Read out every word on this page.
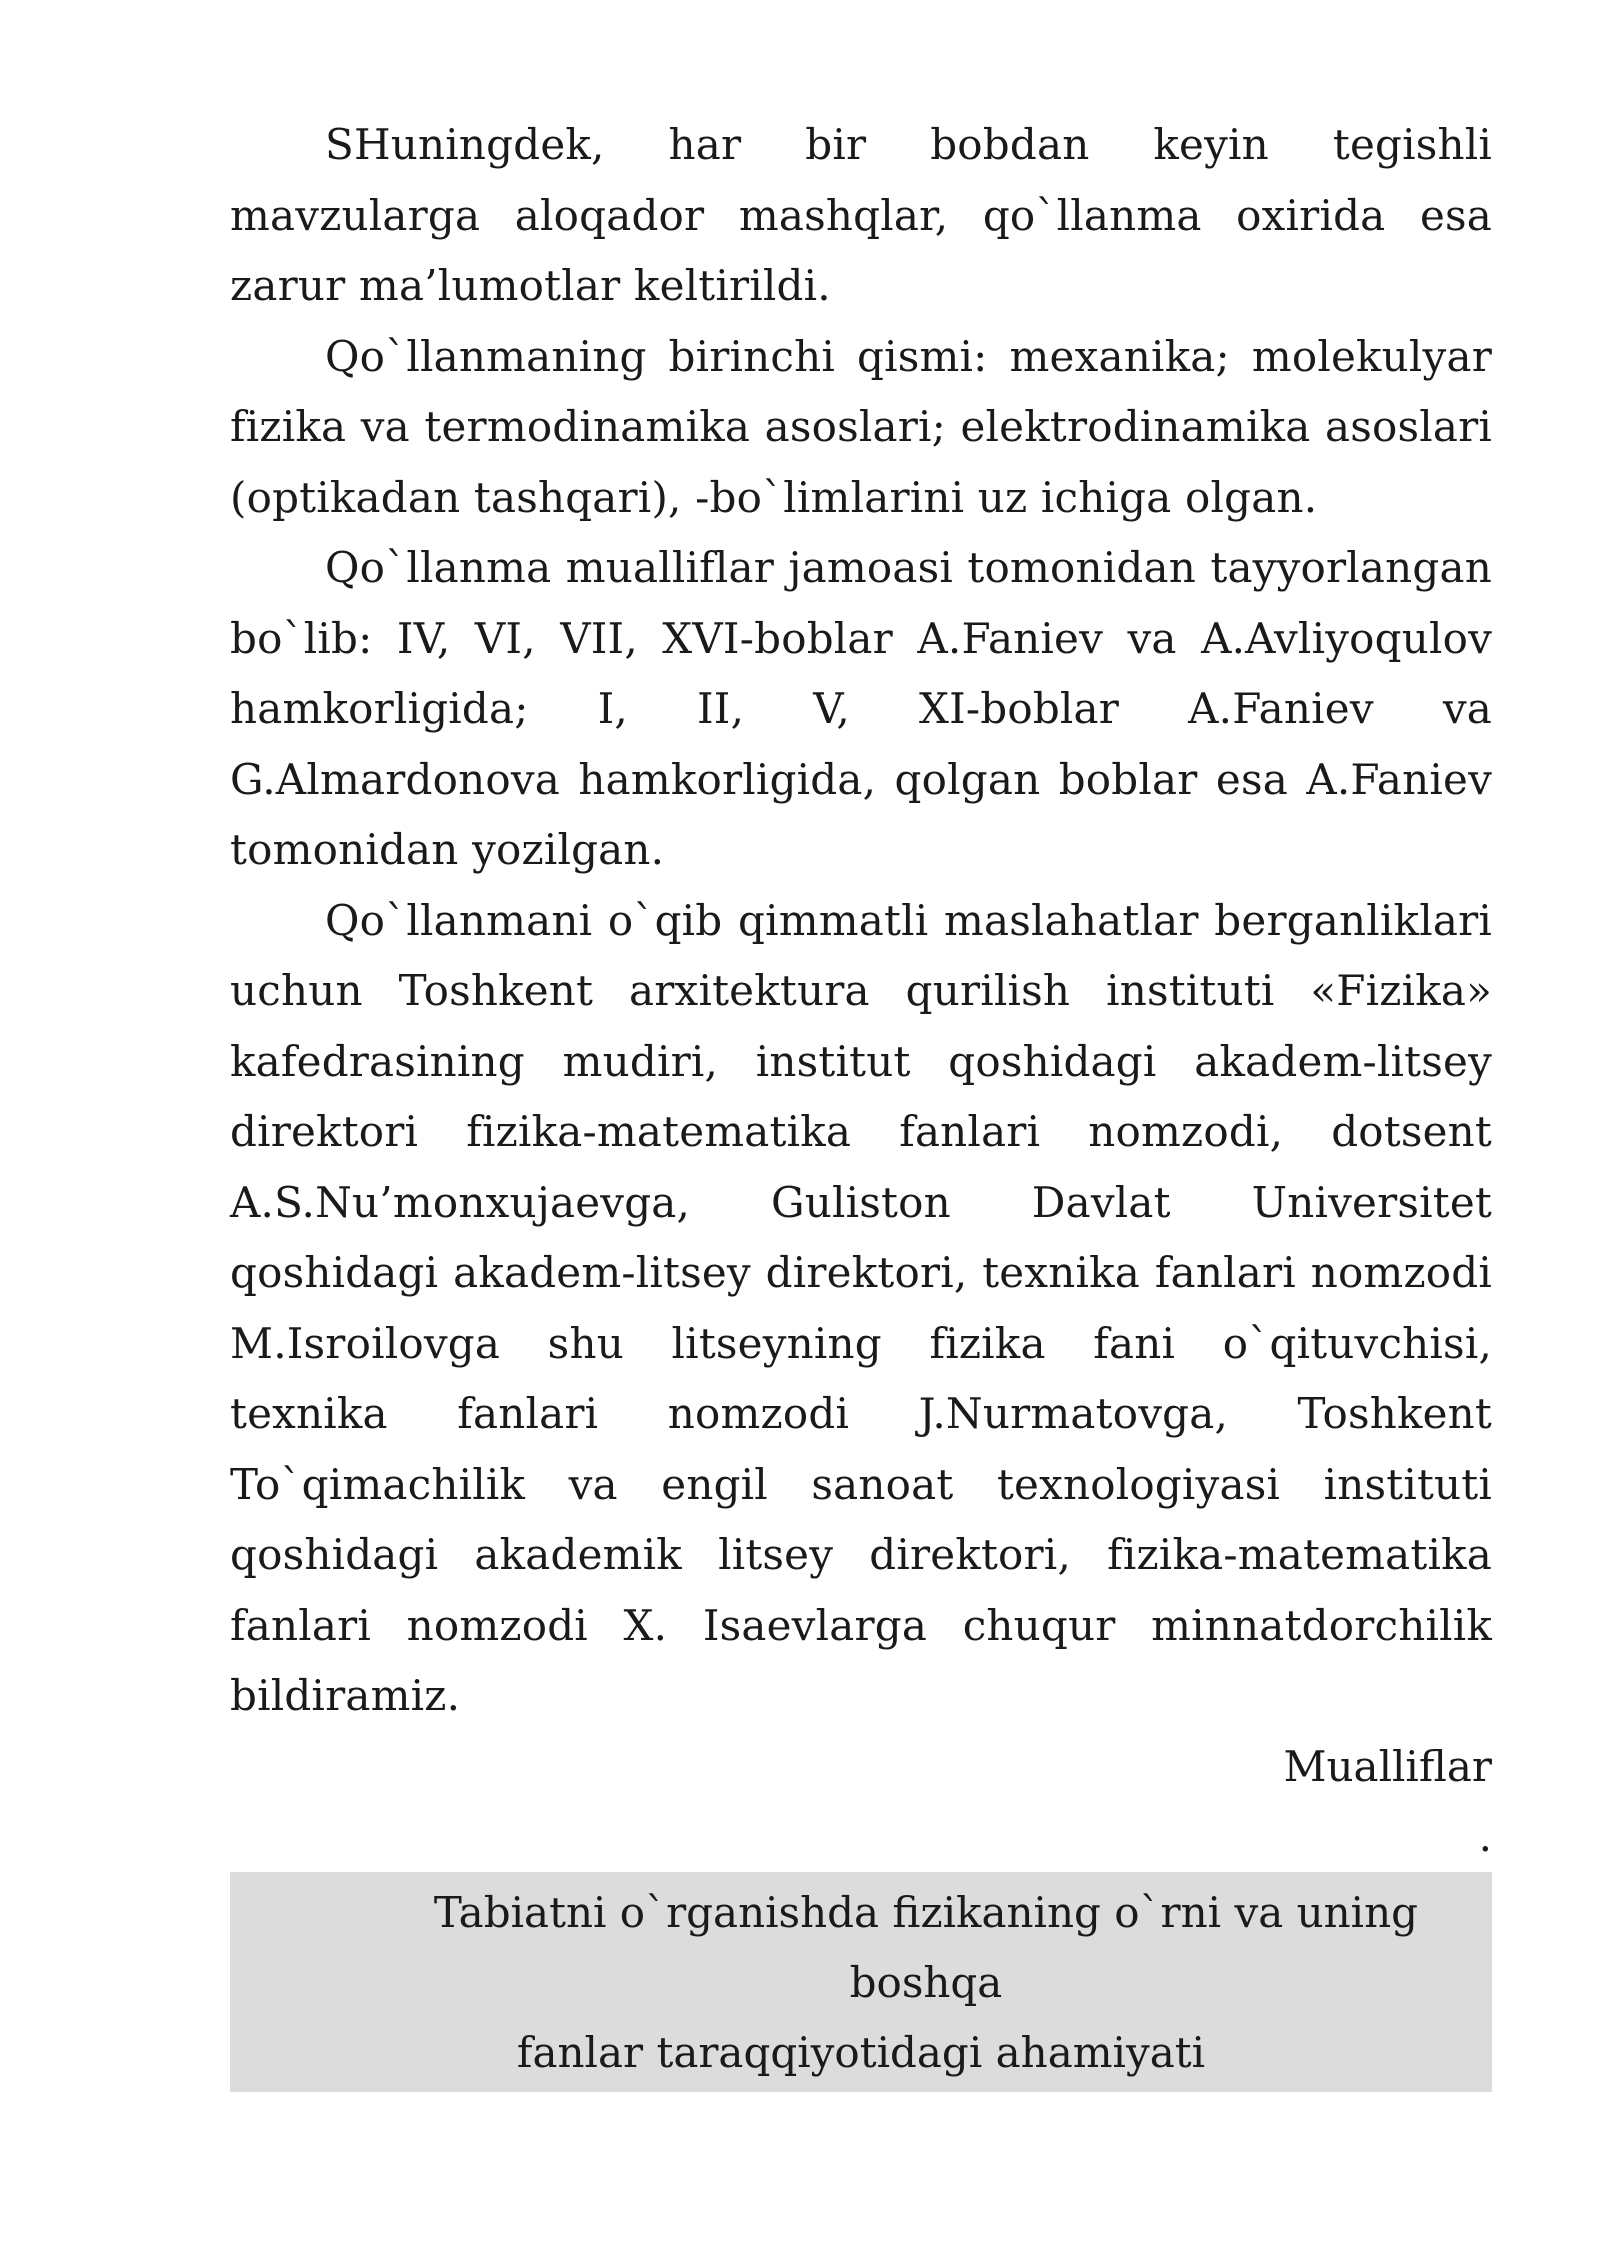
SHuningdek, har bir bobdan keyin tegishli mavzularga aloqador mashqlar, qo`llanma oxirida esa zarur ma’lumotlar keltirildi.

Qo`llanmaning birinchi qismi: mexanika; molekulyar fizika va termodinamika asoslari; elektrodinamika asoslari (optikadan tashqari), -bo`limlarini uz ichiga olgan.

Qo`llanma mualliflar jamoasi tomonidan tayyorlangan bo`lib: IV, VI, VII, XVI-boblar A.Faniev va A.Avliyoqulov hamkorligida; I, II, V, XI-boblar A.Faniev va G.Almardonova hamkorligida, qolgan boblar esa A.Faniev tomonidan yozilgan.

Qo`llanmani o`qib qimmatli maslahatlar berganliklari uchun Toshkent arxitektura qurilish instituti «Fizika» kafedrasining mudiri, institut qoshidagi akadem-litsey direktori fizika-matematika fanlari nomzodi, dotsent A.S.Nu’monxujaevga, Guliston Davlat Universitet qoshidagi akadem-litsey direktori, texnika fanlari nomzodi M.Isroilovga shu litseyning fizika fani o`qituvchisi, texnika fanlari nomzodi J.Nurmatovga, Toshkent To`qimachilik va engil sanoat texnologiyasi instituti qoshidagi akademik litsey direktori, fizika-matematika fanlari nomzodi X. Isaevlarga chuqur minnatdorchilik bildiramiz.

Mualliflar

.

Tabiatni o`rganishda fizikaning o`rni va uning boshqa
fanlar taraqqiyotidagi ahamiyati
